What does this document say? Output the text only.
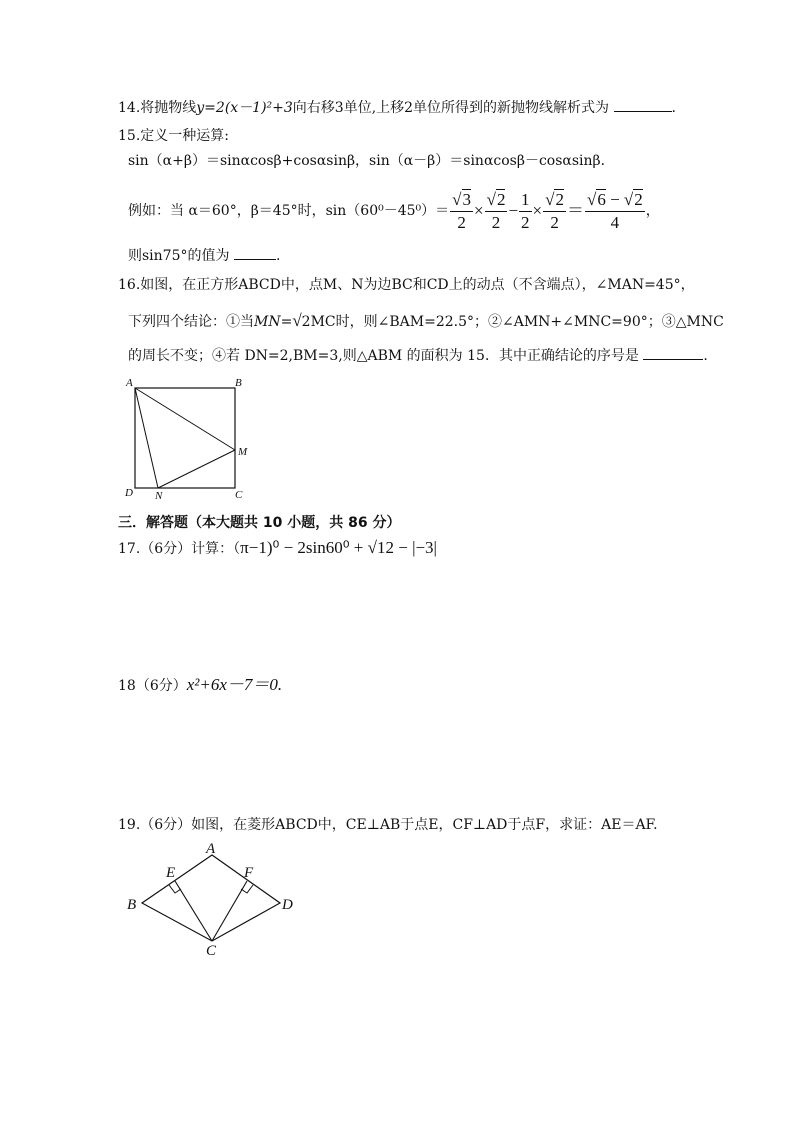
14.将抛物线y=2(x－1)²+3向右移3单位,上移2单位所得到的新抛物线解析式为	.
15.定义一种运算:
sin（α+β）＝sinαcosβ+cosαsinβ，sin（α－β）＝sinαcosβ－cosαsinβ．
例如：当 α＝60°，β＝45°时，$\sin(60^0-45^0)= \frac{√3}{2} \times \frac{√2}{2} - \frac{1}{2} \times \frac{√2}{2} = \frac{√6 - √2}{4}$ ，
则sin75°的值为	.
16.如图，在正方形ABCD中，点M、N为边BC和CD上的动点（不含端点），∠MAN=45°，
下列四个结论：①当MN=√2MC时，则∠BAM=22.5°；②∠AMN+∠MNC=90°；③△MNC
的周长不变；④若 DN=2,BM=3,则△ABM 的面积为 15．其中正确结论的序号是	.
A	B
C
D
M
N
三．解答题（本大题共 10 小题，共 86 分）
17.（6分）计算：（π−1)⁰ − 2sin60⁰ + √12 − |−3|
18（6分）x²+6x－7＝0.
19.（6分）如图，在菱形ABCD中，CE⊥AB于点E，CF⊥AD于点F，求证：AE＝AF.
A
B
C
D
E	F
